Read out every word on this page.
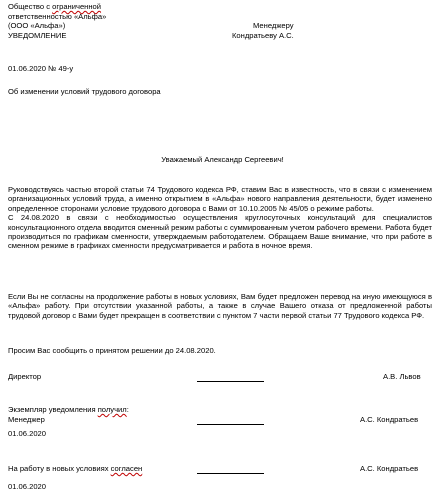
Общество с ограниченной
ответственностью «Альфа»
(ООО «Альфа»)
УВЕДОМЛЕНИЕ
Менеджеру
Кондратьеву А.С.
01.06.2020 № 49-у
Об изменении условий трудового договора
Уважаемый Александр Сергеевич!

Руководствуясь частью второй статьи 74 Трудового кодекса РФ, ставим Вас в известность, что в связи с изменением организационных условий труда, а именно открытием в «Альфа» нового направления деятельности, будет изменено определенное сторонами условие трудового договора с Вами от 10.10.2005 № 45/05 о режиме работы.

С 24.08.2020 в связи с необходимостью осуществления круглосуточных консультаций для специалистов консультационного отдела вводится сменный режим работы с суммированным учетом рабочего времени. Работа будет производиться по графикам сменности, утверждаемым работодателем. Обращаем Ваше внимание, что при работе в сменном режиме в графиках сменности предусматривается и работа в ночное время.

Если Вы не согласны на продолжение работы в новых условиях, Вам будет предложен перевод на иную имеющуюся в «Альфа» работу. При отсутствии указанной работы, а также в случае Вашего отказа от предложенной работы трудовой договор с Вами будет прекращен в соответствии с пунктом 7 части первой статьи 77 Трудового кодекса РФ.
Просим Вас сообщить о принятом решении до 24.08.2020.
Директор	А.В. Львов
Экземпляр уведомления получил:
Менеджер	А.С. Кондратьев
01.06.2020
На работу в новых условиях согласен	А.С. Кондратьев
01.06.2020
